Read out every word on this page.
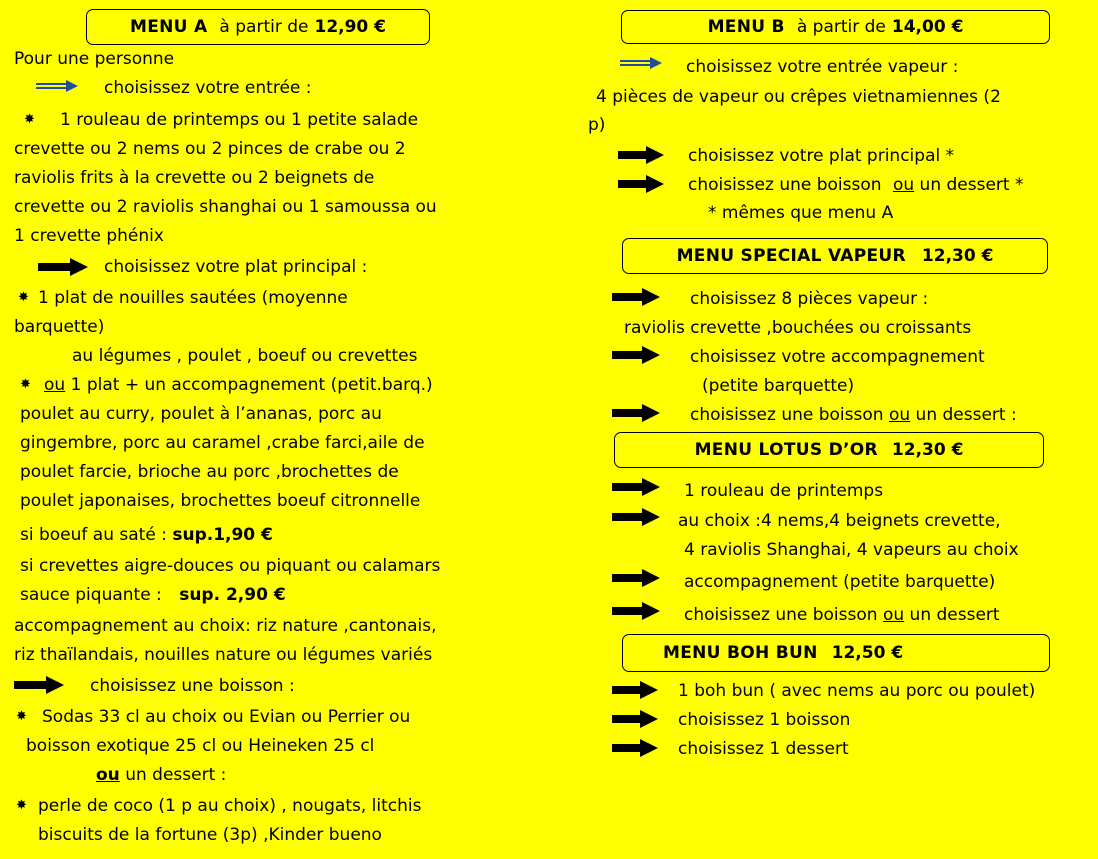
MENU A à partir de 12,90 €
Pour une personne
choisissez votre entrée :
✸ 1 rouleau de printemps ou 1 petite salade
crevette ou 2 nems ou 2 pinces de crabe ou 2
raviolis frits à la crevette ou 2 beignets de
crevette ou 2 raviolis shanghai ou 1 samoussa ou
1 crevette phénix
choisissez votre plat principal :
✸ 1 plat de nouilles sautées (moyenne
barquette)
au légumes , poulet , boeuf ou crevettes
✸ ou 1 plat + un accompagnement (petit.barq.)
poulet au curry, poulet à l’ananas, porc au
gingembre, porc au caramel ,crabe farci,aile de
poulet farcie, brioche au porc ,brochettes de
poulet japonaises, brochettes boeuf citronnelle
si boeuf au saté : sup.1,90 €
si crevettes aigre-douces ou piquant ou calamars
sauce piquante : sup. 2,90 €
accompagnement au choix: riz nature ,cantonais,
riz thaïlandais, nouilles nature ou légumes variés
choisissez une boisson :
✸ Sodas 33 cl au choix ou Evian ou Perrier ou
boisson exotique 25 cl ou Heineken 25 cl
ou un dessert :
✸ perle de coco (1 p au choix) , nougats, litchis
biscuits de la fortune (3p) ,Kinder bueno
MENU B à partir de 14,00 €
choisissez votre entrée vapeur :
4 pièces de vapeur ou crêpes vietnamiennes (2
p)
choisissez votre plat principal *
choisissez une boisson ou un dessert *
* mêmes que menu A
MENU SPECIAL VAPEUR 12,30 €
choisissez 8 pièces vapeur :
raviolis crevette ,bouchées ou croissants
choisissez votre accompagnement
(petite barquette)
choisissez une boisson ou un dessert :
MENU LOTUS D’OR 12,30 €
1 rouleau de printemps
au choix :4 nems,4 beignets crevette,
4 raviolis Shanghai, 4 vapeurs au choix
accompagnement (petite barquette)
choisissez une boisson ou un dessert
MENU BOH BUN 12,50 €
1 boh bun ( avec nems au porc ou poulet)
choisissez 1 boisson
choisissez 1 dessert
